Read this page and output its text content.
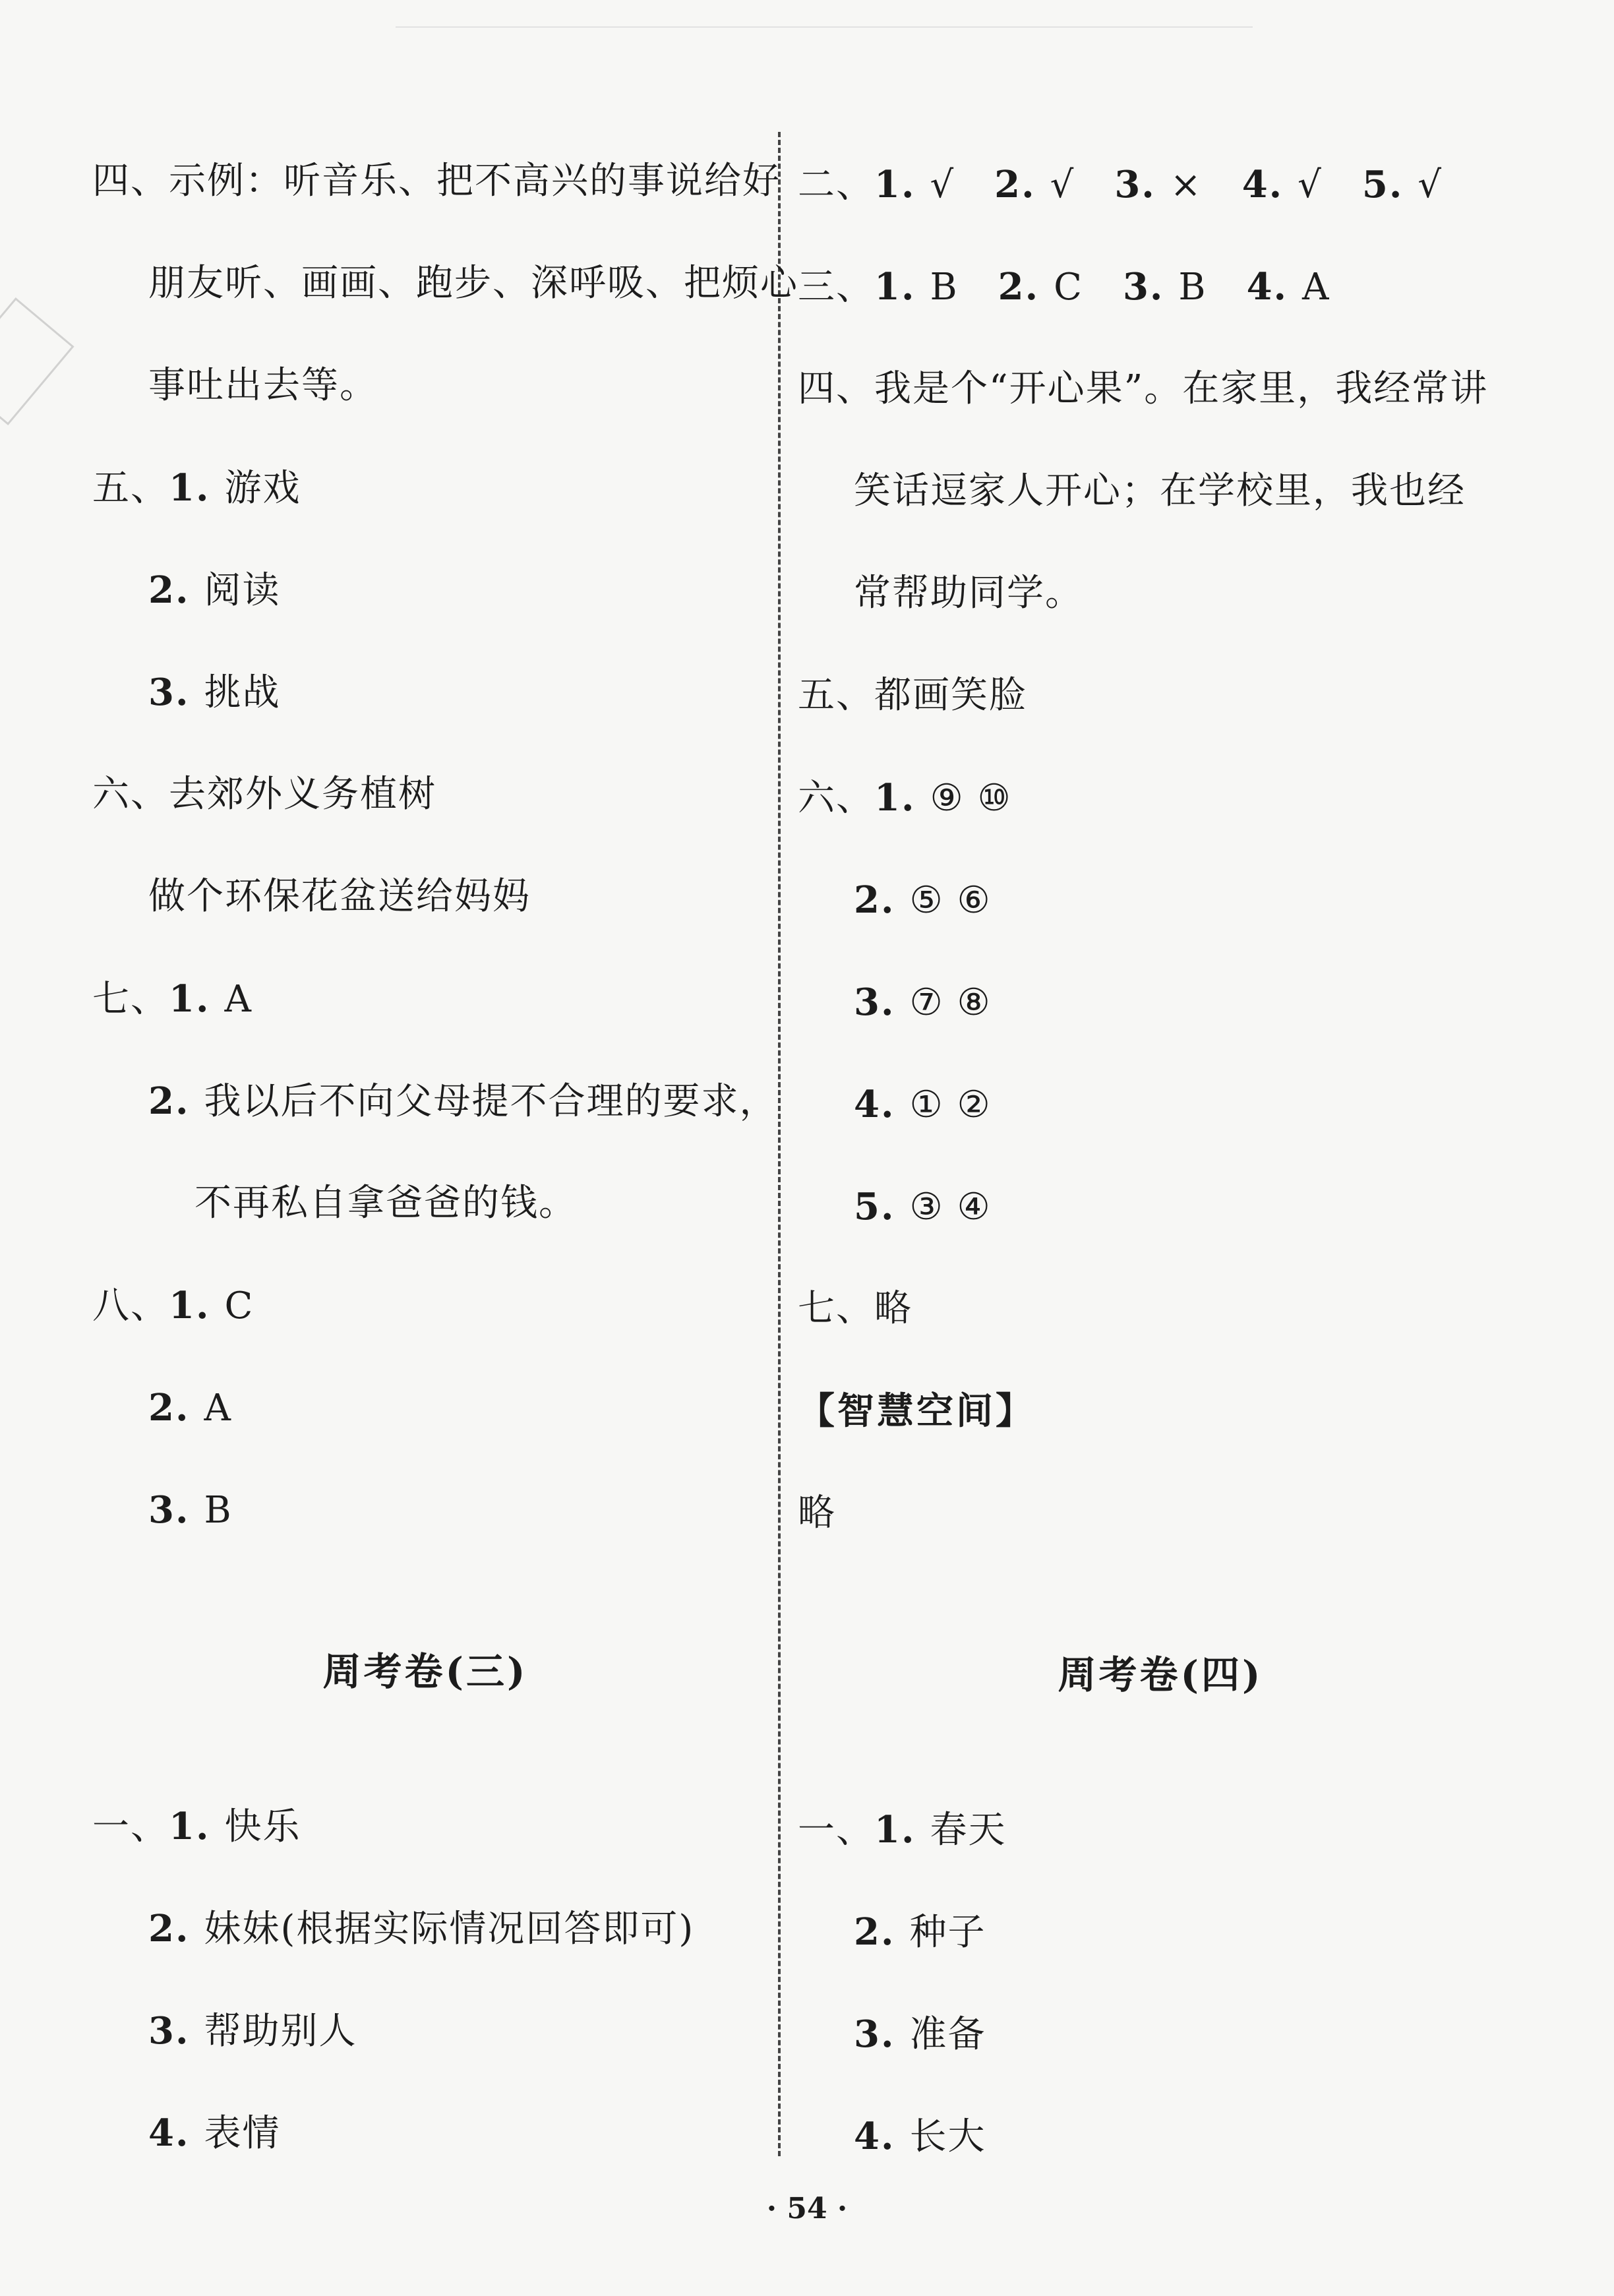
四、示例：听音乐、把不高兴的事说给好
朋友听、画画、跑步、深呼吸、把烦心
事吐出去等。
五、1. 游戏
2. 阅读
3. 挑战
六、去郊外义务植树
做个环保花盆送给妈妈
七、1. A
2. 我以后不向父母提不合理的要求，
不再私自拿爸爸的钱。
八、1. C
2. A
3. B
周考卷(三)
一、1. 快乐
2. 妹妹(根据实际情况回答即可)
3. 帮助别人
4. 表情
二、1. √ 2. √ 3. × 4. √ 5. √
三、1. B 2. C 3. B 4. A
四、我是个“开心果”。在家里，我经常讲
笑话逗家人开心；在学校里，我也经
常帮助同学。
五、都画笑脸
六、1. ⑨ ⑩
2. ⑤ ⑥
3. ⑦ ⑧
4. ① ②
5. ③ ④
七、略
【智慧空间】
略
周考卷(四)
一、1. 春天
2. 种子
3. 准备
4. 长大
· 54 ·
